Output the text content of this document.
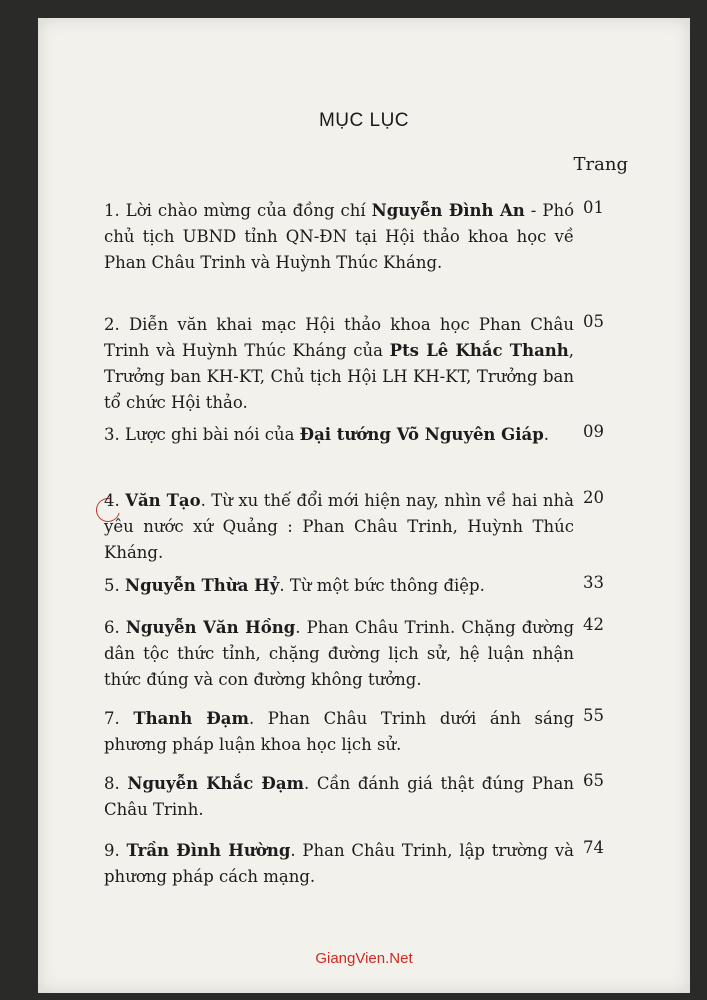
MỤC LỤC
Trang
1. Lời chào mừng của đồng chí Nguyễn Đình An - Phó chủ tịch UBND tỉnh QN-ĐN tại Hội thảo khoa học về Phan Châu Trinh và Huỳnh Thúc Kháng.
01
2. Diễn văn khai mạc Hội thảo khoa học Phan Châu Trinh và Huỳnh Thúc Kháng của Pts Lê Khắc Thanh, Trưởng ban KH-KT, Chủ tịch Hội LH KH-KT, Trưởng ban tổ chức Hội thảo.
05
3. Lược ghi bài nói của Đại tướng Võ Nguyên Giáp.	09
4. Văn Tạo. Từ xu thế đổi mới hiện nay, nhìn về hai nhà yêu nước xứ Quảng : Phan Châu Trinh, Huỳnh Thúc Kháng.
20
5. Nguyễn Thừa Hỷ. Từ một bức thông điệp.	33
6. Nguyễn Văn Hồng. Phan Châu Trinh. Chặng đường dân tộc thức tỉnh, chặng đường lịch sử, hệ luận nhận thức đúng và con đường không tưởng.
42
7. Thanh Đạm. Phan Châu Trinh dưới ánh sáng phương pháp luận khoa học lịch sử.
55
8. Nguyễn Khắc Đạm. Cần đánh giá thật đúng Phan Châu Trinh.
65
9. Trần Đình Hường. Phan Châu Trinh, lập trường và phương pháp cách mạng.
74
GiangVien.Net
